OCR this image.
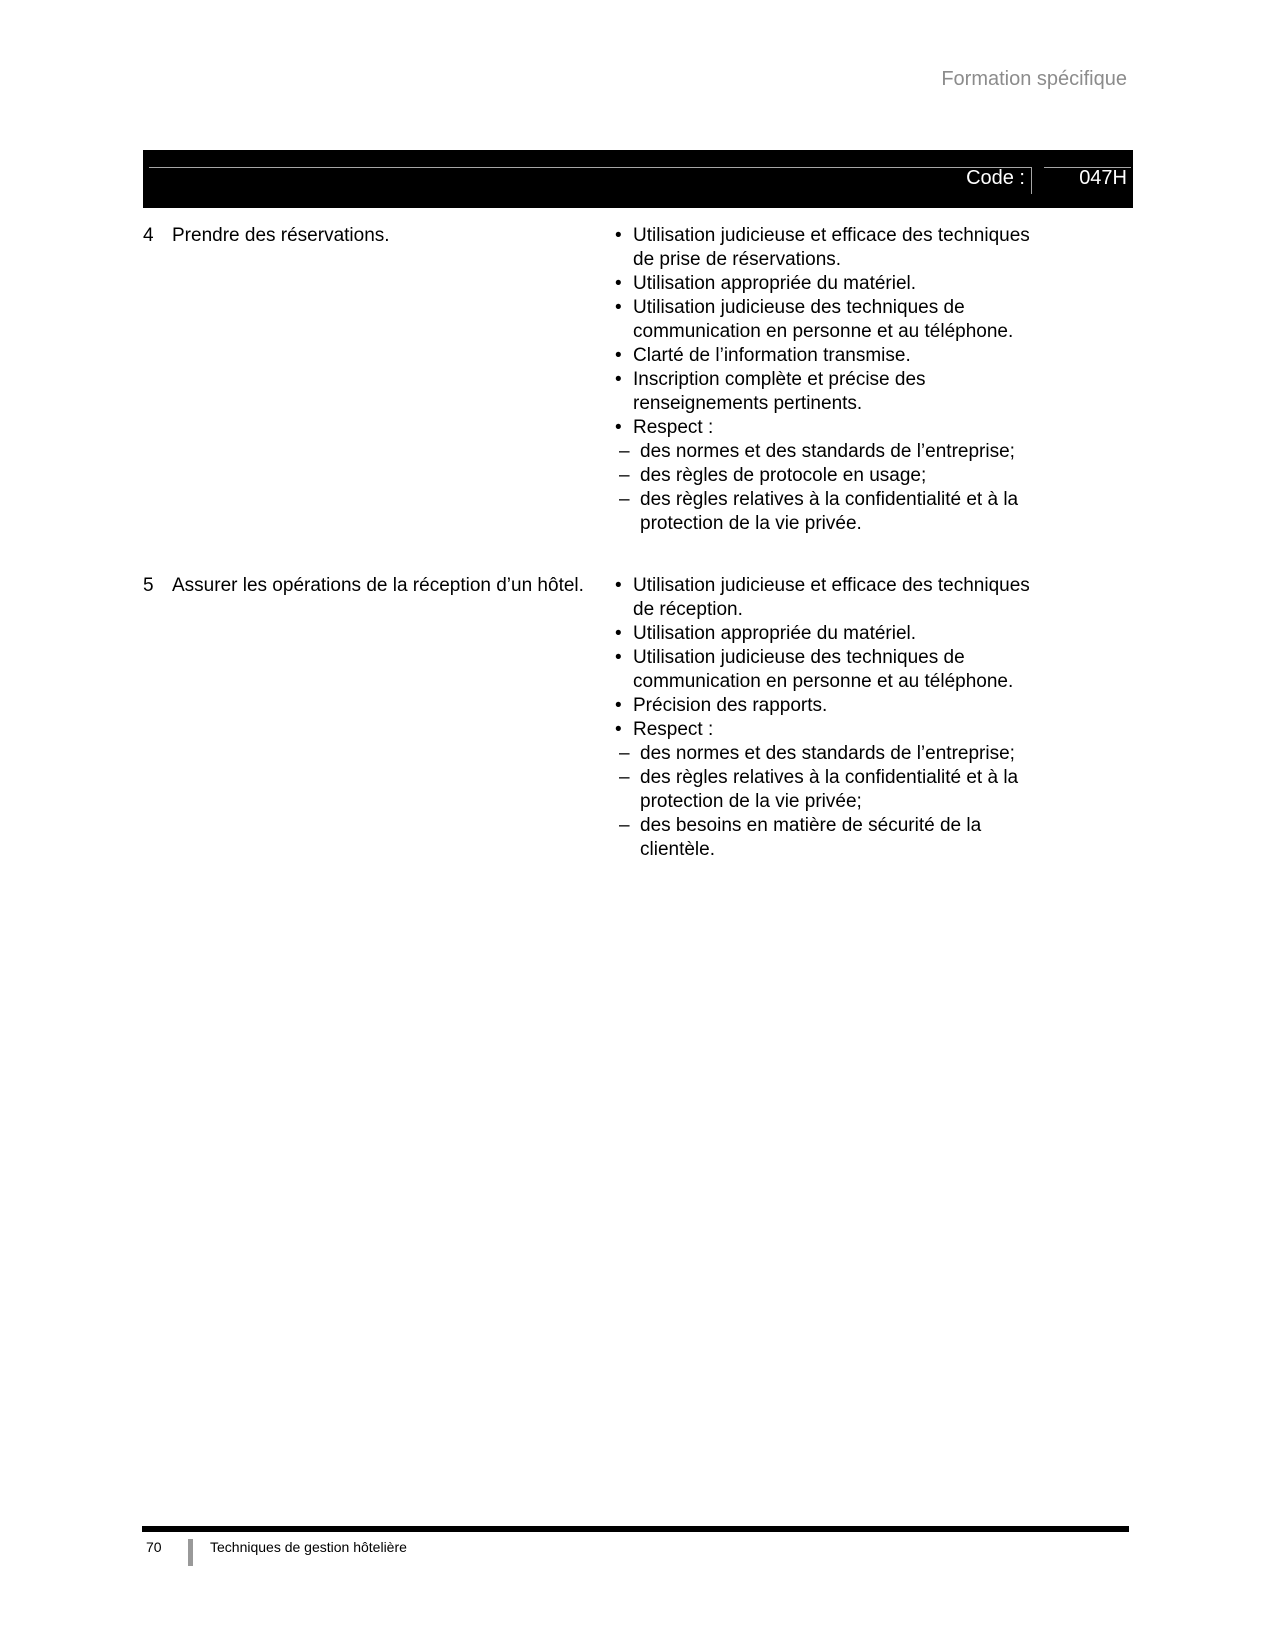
Formation spécifique
Code :	047H
4 Prendre des réservations.	• Utilisation judicieuse et efficace des techniques de prise de réservations.
• Utilisation appropriée du matériel.
• Utilisation judicieuse des techniques de communication en personne et au téléphone.
• Clarté de l’information transmise.
• Inscription complète et précise des renseignements pertinents.
• Respect :
– des normes et des standards de l’entreprise;
– des règles de protocole en usage;
– des règles relatives à la confidentialité et à la protection de la vie privée.
5 Assurer les opérations de la réception d’un hôtel.	• Utilisation judicieuse et efficace des techniques de réception.
• Utilisation appropriée du matériel.
• Utilisation judicieuse des techniques de communication en personne et au téléphone.
• Précision des rapports.
• Respect :
– des normes et des standards de l’entreprise;
– des règles relatives à la confidentialité et à la protection de la vie privée;
– des besoins en matière de sécurité de la clientèle.
70	Techniques de gestion hôtelière
